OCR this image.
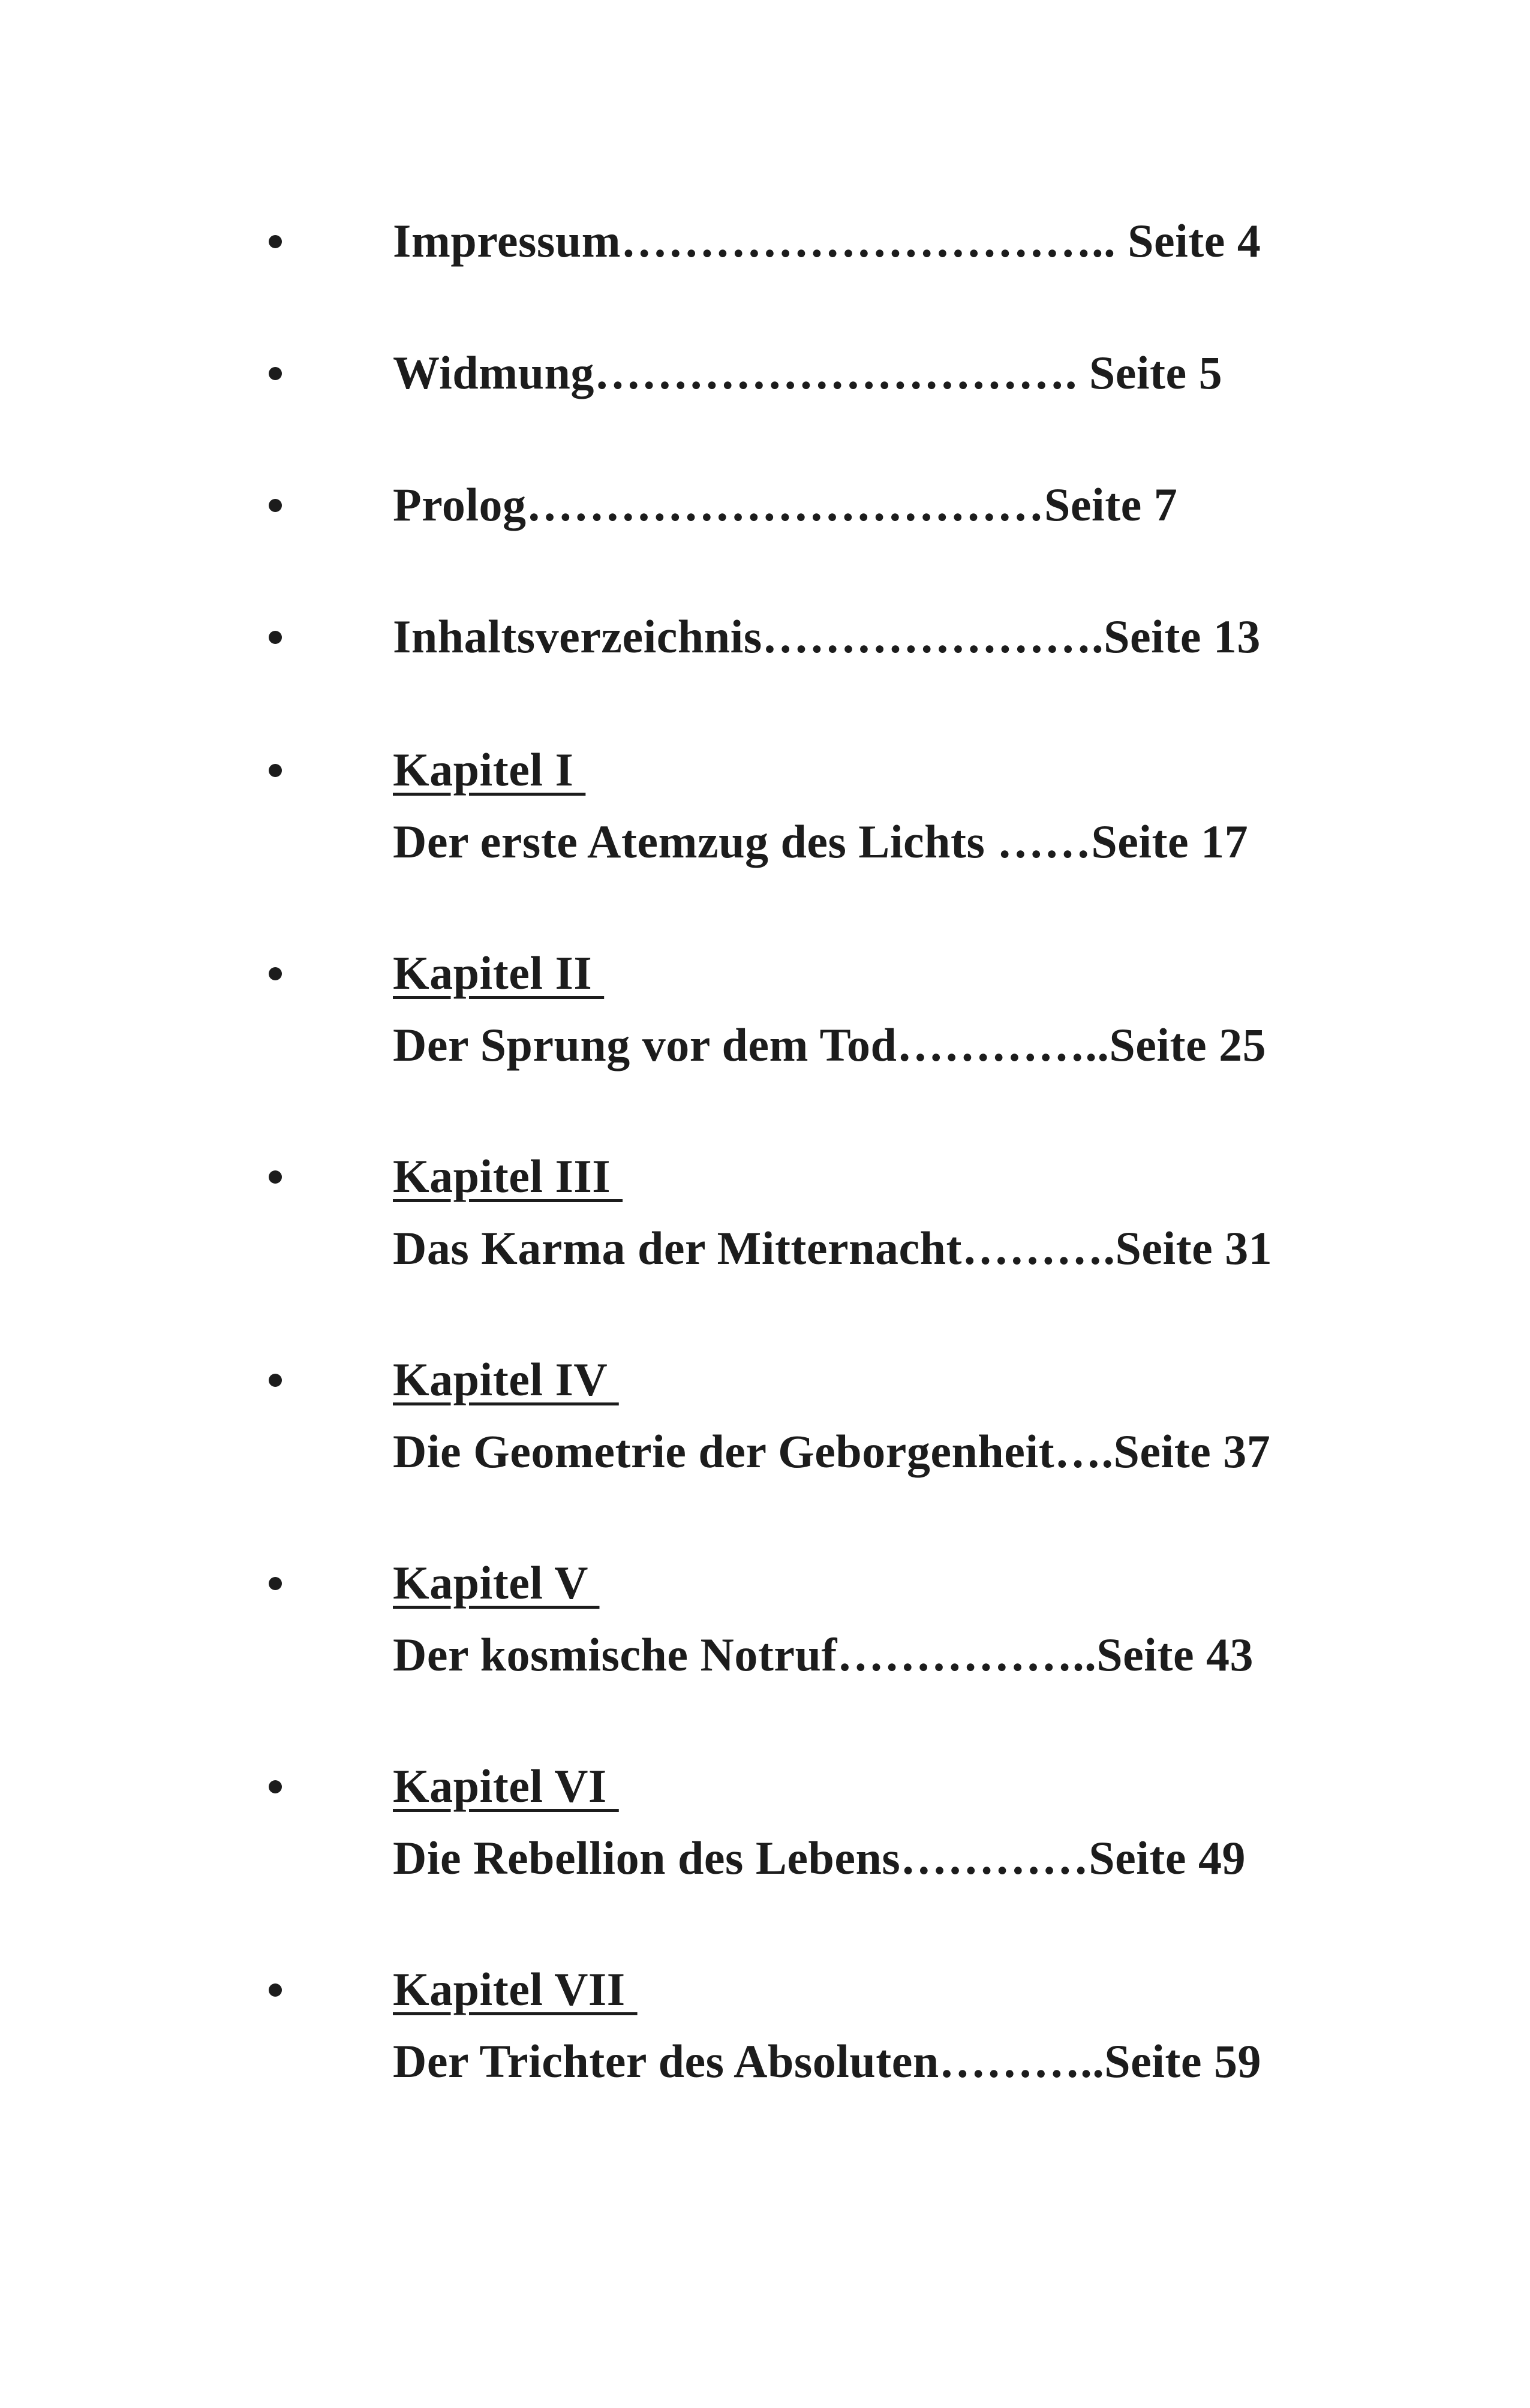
Impressum………………………….. Seite 4
Widmung…………………………. Seite 5
Prolog……………………………Seite 7
Inhaltsverzeichnis………………….Seite 13
Kapitel I
Der erste Atemzug des Lichts ……Seite 17
Kapitel II
Der Sprung vor dem Tod…………..Seite 25
Kapitel III
Das Karma der Mitternacht……….Seite 31
Kapitel IV
Die Geometrie der Geborgenheit….Seite 37
Kapitel V
Der kosmische Notruf……………..Seite 43
Kapitel VI
Die Rebellion des Lebens…………Seite 49
Kapitel VII
Der Trichter des Absoluten………..Seite 59
